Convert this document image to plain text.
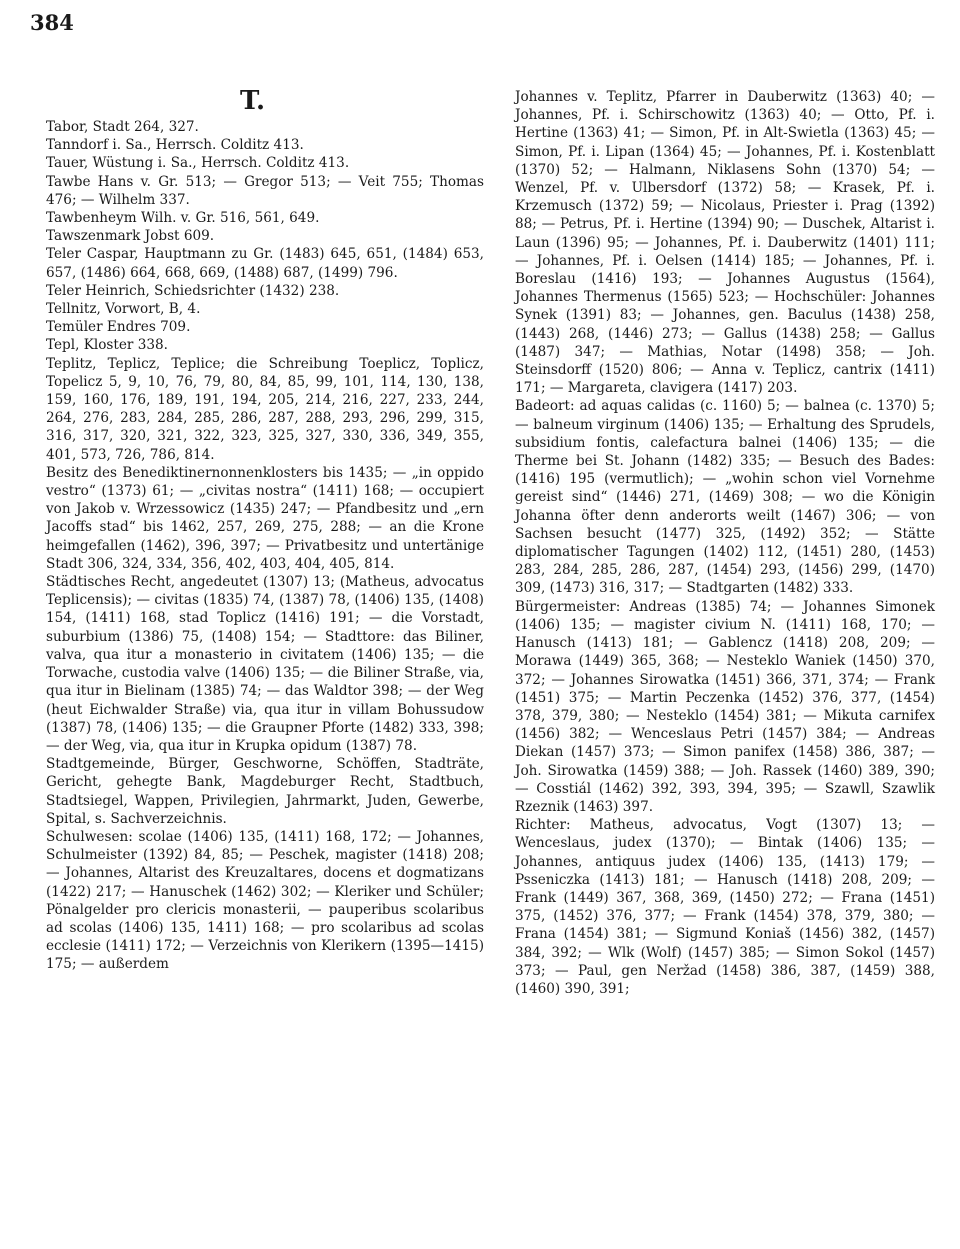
384
T.

Tabor, Stadt 264, 327.

Tanndorf i. Sa., Herrsch. Colditz 413.

Tauer, Wüstung i. Sa., Herrsch. Colditz 413.

Tawbe Hans v. Gr. 513; — Gregor 513; — Veit 755; Thomas 476; — Wilhelm 337.

Tawbenheym Wilh. v. Gr. 516, 561, 649.

Tawszenmark Jobst 609.

Teler Caspar, Hauptmann zu Gr. (1483) 645, 651, (1484) 653, 657, (1486) 664, 668, 669, (1488) 687, (1499) 796.

Teler Heinrich, Schiedsrichter (1432) 238.

Tellnitz, Vorwort, B, 4.

Temüler Endres 709.

Tepl, Kloster 338.

Teplitz, Teplicz, Teplice; die Schreibung Toeplicz, Toplicz, Topelicz 5, 9, 10, 76, 79, 80, 84, 85, 99, 101, 114, 130, 138, 159, 160, 176, 189, 191, 194, 205, 214, 216, 227, 233, 244, 264, 276, 283, 284, 285, 286, 287, 288, 293, 296, 299, 315, 316, 317, 320, 321, 322, 323, 325, 327, 330, 336, 349, 355, 401, 573, 726, 786, 814.

Besitz des Benediktinernonnenklosters bis 1435; — „in oppido vestro“ (1373) 61; — „civitas nostra“ (1411) 168; — occupiert von Jakob v. Wrzessowicz (1435) 247; — Pfandbesitz und „ern Jacoffs stad“ bis 1462, 257, 269, 275, 288; — an die Krone heimgefallen (1462), 396, 397; — Privatbesitz und untertänige Stadt 306, 324, 334, 356, 402, 403, 404, 405, 814.

Städtisches Recht, angedeutet (1307) 13; (Matheus, advocatus Teplicensis); — civitas (1835) 74, (1387) 78, (1406) 135, (1408) 154, (1411) 168, stad Toplicz (1416) 191; — die Vorstadt, suburbium (1386) 75, (1408) 154; — Stadttore: das Biliner, valva, qua itur a monasterio in civitatem (1406) 135; — die Torwache, custodia valve (1406) 135; — die Biliner Straße, via, qua itur in Bielinam (1385) 74; — das Waldtor 398; — der Weg (heut Eichwalder Straße) via, qua itur in villam Bohussudow (1387) 78, (1406) 135; — die Graupner Pforte (1482) 333, 398; — der Weg, via, qua itur in Krupka opidum (1387) 78.

Stadtgemeinde, Bürger, Geschworne, Schöffen, Stadträte, Gericht, gehegte Bank, Magdeburger Recht, Stadtbuch, Stadtsiegel, Wappen, Privilegien, Jahrmarkt, Juden, Gewerbe, Spital, s. Sachverzeichnis.

Schulwesen: scolae (1406) 135, (1411) 168, 172; — Johannes, Schulmeister (1392) 84, 85; — Peschek, magister (1418) 208; — Johannes, Altarist des Kreuzaltares, docens et dogmatizans (1422) 217; — Hanuschek (1462) 302; — Kleriker und Schüler; Pönalgelder pro clericis monasterii, — pauperibus scolaribus ad scolas (1406) 135, 1411) 168; — pro scolaribus ad scolas ecclesie (1411) 172; — Verzeichnis von Klerikern (1395—1415) 175; — außerdem

Johannes v. Teplitz, Pfarrer in Dauberwitz (1363) 40; — Johannes, Pf. i. Schirschowitz (1363) 40; — Otto, Pf. i. Hertine (1363) 41; — Simon, Pf. in Alt-Swietla (1363) 45; — Simon, Pf. i. Lipan (1364) 45; — Johannes, Pf. i. Kostenblatt (1370) 52; — Halmann, Niklasens Sohn (1370) 54; — Wenzel, Pf. v. Ulbersdorf (1372) 58; — Krasek, Pf. i. Krzemusch (1372) 59; — Nicolaus, Priester i. Prag (1392) 88; — Petrus, Pf. i. Hertine (1394) 90; — Duschek, Altarist i. Laun (1396) 95; — Johannes, Pf. i. Dauberwitz (1401) 111; — Johannes, Pf. i. Oelsen (1414) 185; — Johannes, Pf. i. Boreslau (1416) 193; — Johannes Augustus (1564), Johannes Thermenus (1565) 523; — Hochschüler: Johannes Synek (1391) 83; — Johannes, gen. Baculus (1438) 258, (1443) 268, (1446) 273; — Gallus (1438) 258; — Gallus (1487) 347; — Mathias, Notar (1498) 358; — Joh. Steinsdorff (1520) 806; — Anna v. Teplicz, cantrix (1411) 171; — Margareta, clavigera (1417) 203.

Badeort: ad aquas calidas (c. 1160) 5; — balnea (c. 1370) 5; — balneum virginum (1406) 135; — Erhaltung des Sprudels, subsidium fontis, calefactura balnei (1406) 135; — die Therme bei St. Johann (1482) 335; — Besuch des Bades: (1416) 195 (vermutlich); — „wohin schon viel Vornehme gereist sind“ (1446) 271, (1469) 308; — wo die Königin Johanna öfter denn anderorts weilt (1467) 306; — von Sachsen besucht (1477) 325, (1492) 352; — Stätte diplomatischer Tagungen (1402) 112, (1451) 280, (1453) 283, 284, 285, 286, 287, (1454) 293, (1456) 299, (1470) 309, (1473) 316, 317; — Stadtgarten (1482) 333.

Bürgermeister: Andreas (1385) 74; — Johannes Simonek (1406) 135; — magister civium N. (1411) 168, 170; — Hanusch (1413) 181; — Gablencz (1418) 208, 209; — Morawa (1449) 365, 368; — Nesteklo Waniek (1450) 370, 372; — Johannes Sirowatka (1451) 366, 371, 374; — Frank (1451) 375; — Martin Peczenka (1452) 376, 377, (1454) 378, 379, 380; — Nesteklo (1454) 381; — Mikuta carnifex (1456) 382; — Wenceslaus Petri (1457) 384; — Andreas Diekan (1457) 373; — Simon panifex (1458) 386, 387; — Joh. Sirowatka (1459) 388; — Joh. Rassek (1460) 389, 390; — Cosstiál (1462) 392, 393, 394, 395; — Szawll, Szawlik Rzeznik (1463) 397.

Richter: Matheus, advocatus, Vogt (1307) 13; — Wenceslaus, judex (1370); — Bintak (1406) 135; — Johannes, antiquus judex (1406) 135, (1413) 179; — Psseniczka (1413) 181; — Hanusch (1418) 208, 209; — Frank (1449) 367, 368, 369, (1450) 272; — Frana (1451) 375, (1452) 376, 377; — Frank (1454) 378, 379, 380; — Frana (1454) 381; — Sigmund Koniaš (1456) 382, (1457) 384, 392; — Wlk (Wolf) (1457) 385; — Simon Sokol (1457) 373; — Paul, gen Neržad (1458) 386, 387, (1459) 388, (1460) 390, 391;
